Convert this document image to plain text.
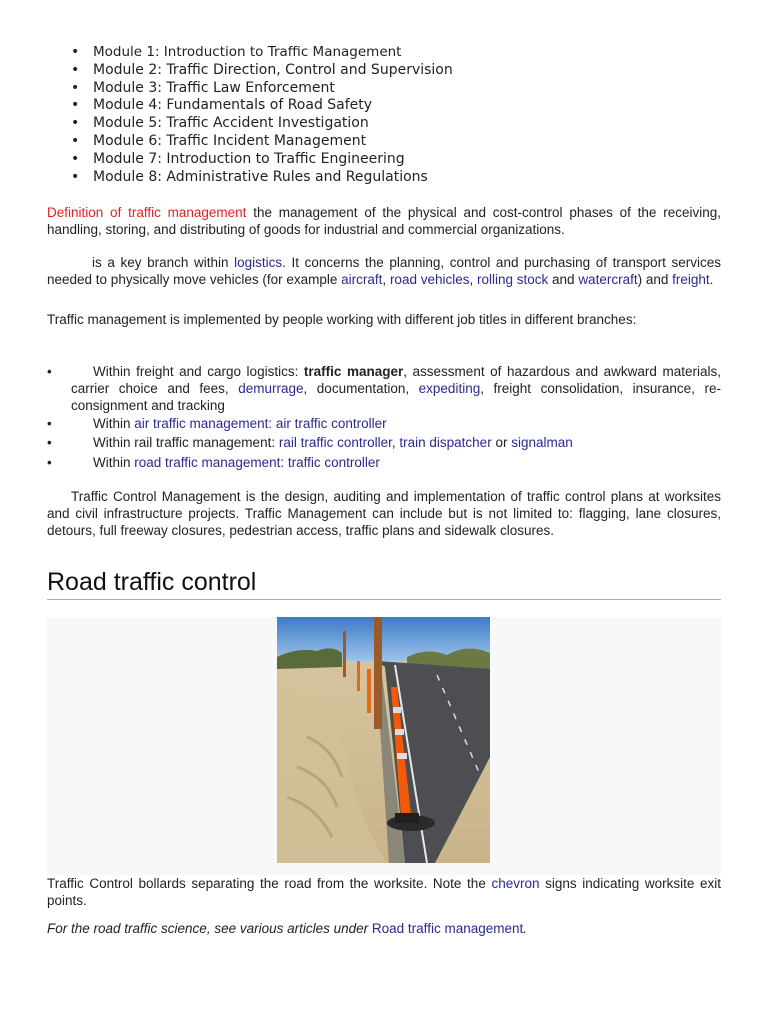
• Module 1: Introduction to Traffic Management
• Module 2: Traffic Direction, Control and Supervision
• Module 3: Traffic Law Enforcement
• Module 4: Fundamentals of Road Safety
• Module 5: Traffic Accident Investigation
• Module 6: Traffic Incident Management
• Module 7: Introduction to Traffic Engineering
• Module 8: Administrative Rules and Regulations

Definition of traffic management the management of the physical and cost-control phases of the receiving, handling, storing, and distributing of goods for industrial and commercial organizations.

is a key branch within logistics. It concerns the planning, control and purchasing of transport services needed to physically move vehicles (for example aircraft, road vehicles, rolling stock and watercraft) and freight.

Traffic management is implemented by people working with different job titles in different branches:

•	Within freight and cargo logistics: traffic manager, assessment of hazardous and awkward materials, carrier choice and fees, demurrage, documentation, expediting, freight consolidation, insurance, re-consignment and tracking
•	Within air traffic management: air traffic controller
•	Within rail traffic management: rail traffic controller, train dispatcher or signalman
•	Within road traffic management: traffic controller

Traffic Control Management is the design, auditing and implementation of traffic control plans at worksites and civil infrastructure projects. Traffic Management can include but is not limited to: flagging, lane closures, detours, full freeway closures, pedestrian access, traffic plans and sidewalk closures.

Road traffic control

Traffic Control bollards separating the road from the worksite. Note the chevron signs indicating worksite exit points.

For the road traffic science, see various articles under Road traffic management.
